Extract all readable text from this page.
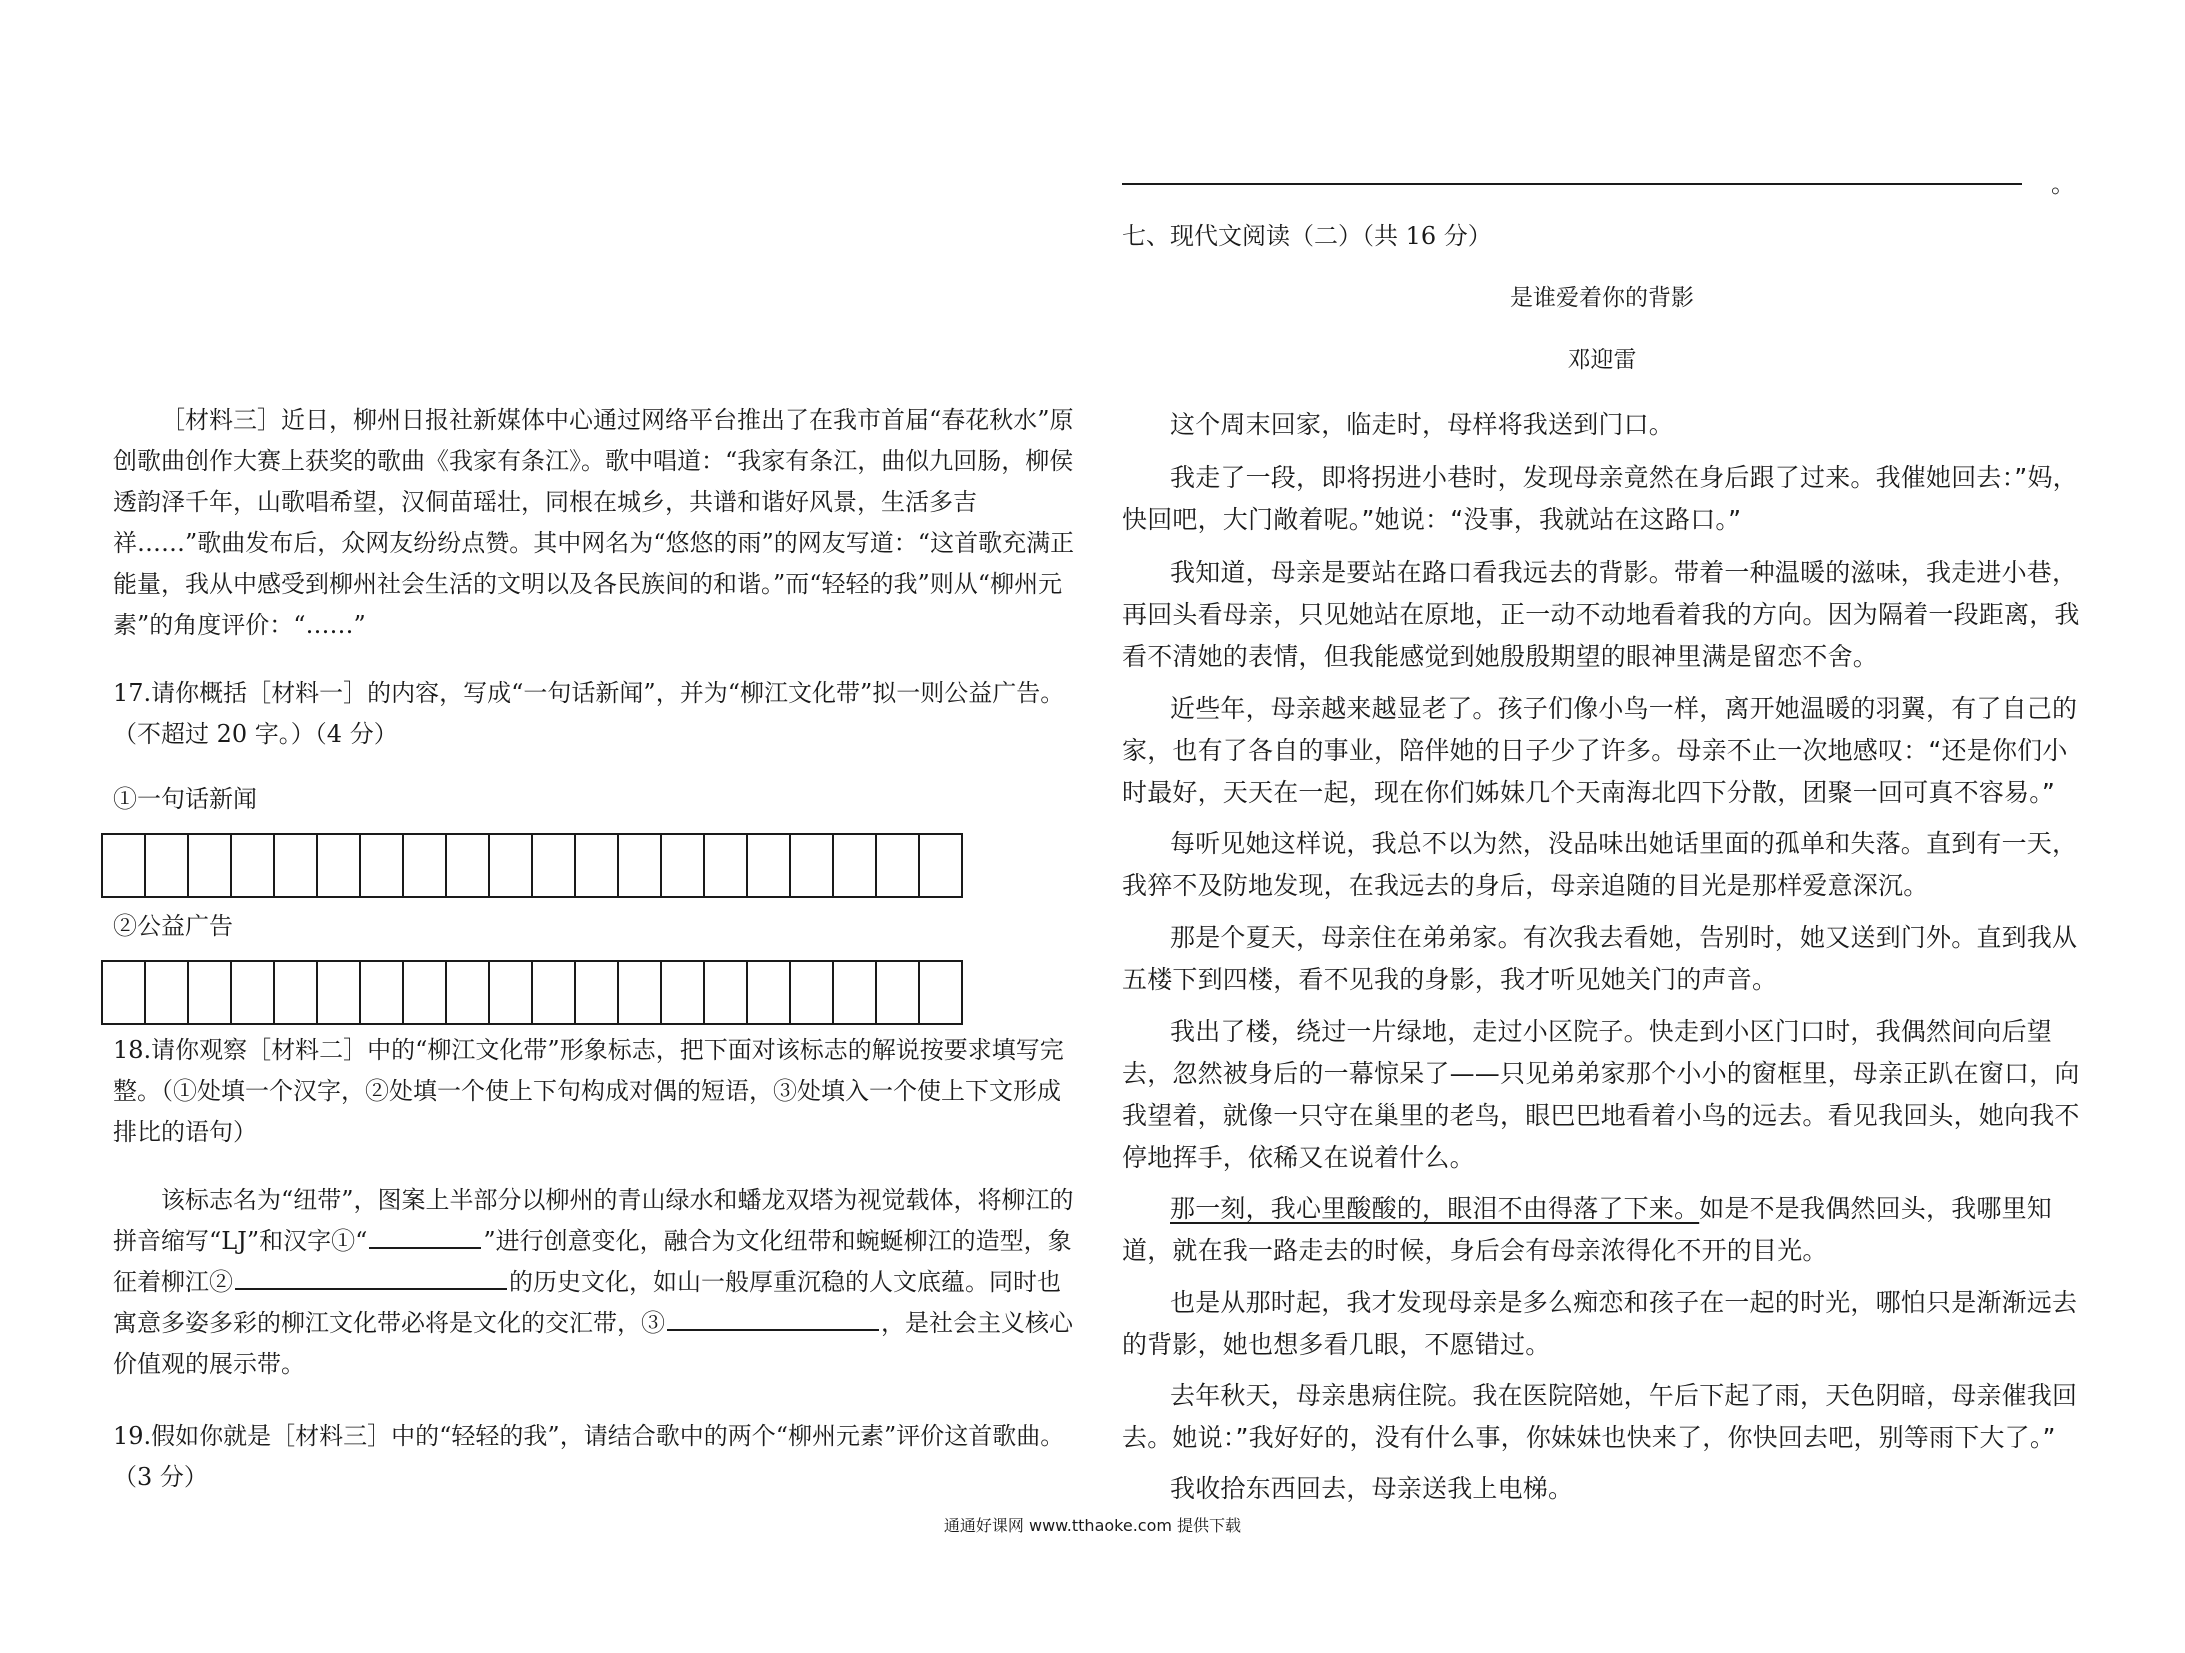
［材料三］近日，柳州日报社新媒体中心通过网络平台推出了在我市首届“春花秋水”原创歌曲创作大赛上获奖的歌曲《我家有条江》。歌中唱道：“我家有条江，曲似九回肠，柳侯透韵泽千年，山歌唱希望，汉侗苗瑶壮，同根在城乡，共谱和谐好风景，生活多吉祥……”歌曲发布后，众网友纷纷点赞。其中网名为“悠悠的雨”的网友写道：“这首歌充满正能量，我从中感受到柳州社会生活的文明以及各民族间的和谐。”而“轻轻的我”则从“柳州元素”的角度评价：“……”

17.请你概括［材料一］的内容，写成“一句话新闻”，并为“柳江文化带”拟一则公益广告。（不超过 20 字。）（4 分）

①一句话新闻

②公益广告

18.请你观察［材料二］中的“柳江文化带”形象标志，把下面对该标志的解说按要求填写完整。（①处填一个汉字，②处填一个使上下句构成对偶的短语，③处填入一个使上下文形成排比的语句）

该标志名为“纽带”，图案上半部分以柳州的青山绿水和蟠龙双塔为视觉载体，将柳江的拼音缩写“LJ”和汉字①“	”进行创意变化，融合为文化纽带和蜿蜒柳江的造型，象征着柳江②	的历史文化，如山一般厚重沉稳的人文底蕴。同时也寓意多姿多彩的柳江文化带必将是文化的交汇带，③	，是社会主义核心价值观的展示带。

19.假如你就是［材料三］中的“轻轻的我”，请结合歌中的两个“柳州元素”评价这首歌曲。（3 分）

。

七、现代文阅读（二）（共 16 分）

是谁爱着你的背影

邓迎雷

这个周末回家，临走时，母样将我送到门口。

我走了一段，即将拐进小巷时，发现母亲竟然在身后跟了过来。我催她回去：”妈，快回吧，大门敞着呢。”她说：“没事，我就站在这路口。”

我知道，母亲是要站在路口看我远去的背影。带着一种温暖的滋味，我走进小巷，再回头看母亲，只见她站在原地，正一动不动地看着我的方向。因为隔着一段距离，我看不清她的表情，但我能感觉到她殷殷期望的眼神里满是留恋不舍。

近些年，母亲越来越显老了。孩子们像小鸟一样，离开她温暖的羽翼，有了自己的家，也有了各自的事业，陪伴她的日子少了许多。母亲不止一次地感叹：“还是你们小时最好，天天在一起，现在你们姊妹几个天南海北四下分散，团聚一回可真不容易。”

每听见她这样说，我总不以为然，没品味出她话里面的孤单和失落。直到有一天，我猝不及防地发现，在我远去的身后，母亲追随的目光是那样爱意深沉。

那是个夏天，母亲住在弟弟家。有次我去看她，告别时，她又送到门外。直到我从五楼下到四楼，看不见我的身影，我才听见她关门的声音。

我出了楼，绕过一片绿地，走过小区院子。快走到小区门口时，我偶然间向后望去，忽然被身后的一幕惊呆了——只见弟弟家那个小小的窗框里，母亲正趴在窗口，向我望着，就像一只守在巢里的老鸟，眼巴巴地看着小鸟的远去。看见我回头，她向我不停地挥手，依稀又在说着什么。

那一刻，我心里酸酸的，眼泪不由得落了下来。如是不是我偶然回头，我哪里知道，就在我一路走去的时候，身后会有母亲浓得化不开的目光。

也是从那时起，我才发现母亲是多么痴恋和孩子在一起的时光，哪怕只是渐渐远去的背影，她也想多看几眼，不愿错过。

去年秋天，母亲患病住院。我在医院陪她，午后下起了雨，天色阴暗，母亲催我回去。她说：”我好好的，没有什么事，你妹妹也快来了，你快回去吧，别等雨下大了。”

我收拾东西回去，母亲送我上电梯。

通通好课网 www.tthaoke.com 提供下载
